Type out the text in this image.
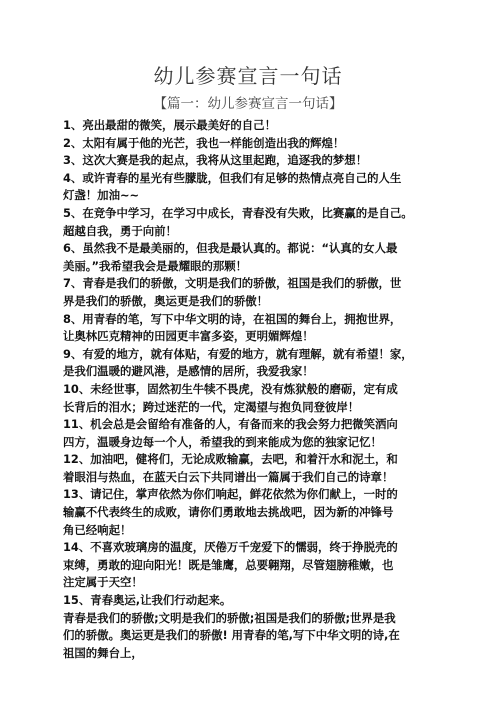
幼儿参赛宣言一句话
【篇一：幼儿参赛宣言一句话】

1、亮出最甜的微笑，展示最美好的自己！

2、太阳有属于他的光芒，我也一样能创造出我的辉煌！

3、这次大赛是我的起点，我将从这里起跑，追逐我的梦想！

4、或许青春的星光有些朦胧，但我们有足够的热情点亮自己的人生

灯盏！加油~~

5、在竞争中学习，在学习中成长，青春没有失败，比赛赢的是自己。

超越自我，勇于向前！

6、虽然我不是最美丽的，但我是最认真的。都说：“认真的女人最

美丽。”我希望我会是最耀眼的那颗！

7、青春是我们的骄傲，文明是我们的骄傲，祖国是我们的骄傲，世

界是我们的骄傲，奥运更是我们的骄傲！

8、用青春的笔，写下中华文明的诗，在祖国的舞台上，拥抱世界，

让奥林匹克精神的田园更丰富多姿，更明媚辉煌！

9、有爱的地方，就有体贴，有爱的地方，就有理解，就有希望！家，

是我们温暖的避风港，是感情的居所，我爱我家！

10、未经世事，固然初生牛犊不畏虎，没有炼狱般的磨砺，定有成

长背后的泪水；跨过迷茫的一代，定渴望与抱负同登彼岸！

11、机会总是会留给有准备的人，有备而来的我会努力把微笑洒向

四方，温暖身边每一个人，希望我的到来能成为您的独家记忆！

12、加油吧，健将们，无论成败输赢，去吧，和着汗水和泥土，和

着眼泪与热血，在蓝天白云下共同谱出一篇属于我们自己的诗章！

13、请记住，掌声依然为你们响起，鲜花依然为你们献上，一时的

输赢不代表终生的成败，请你们勇敢地去挑战吧，因为新的冲锋号

角已经响起！

14、不喜欢玻璃房的温度，厌倦万千宠爱下的懦弱，终于挣脱壳的

束缚，勇敢的迎向阳光！既是雏鹰，总要翱翔，尽管翅膀稚嫩，也

注定属于天空！

15、青春奥运,让我们行动起来。

青春是我们的骄傲;文明是我们的骄傲;祖国是我们的骄傲;世界是我

们的骄傲。奥运更是我们的骄傲! 用青春的笔,写下中华文明的诗,在

祖国的舞台上，
